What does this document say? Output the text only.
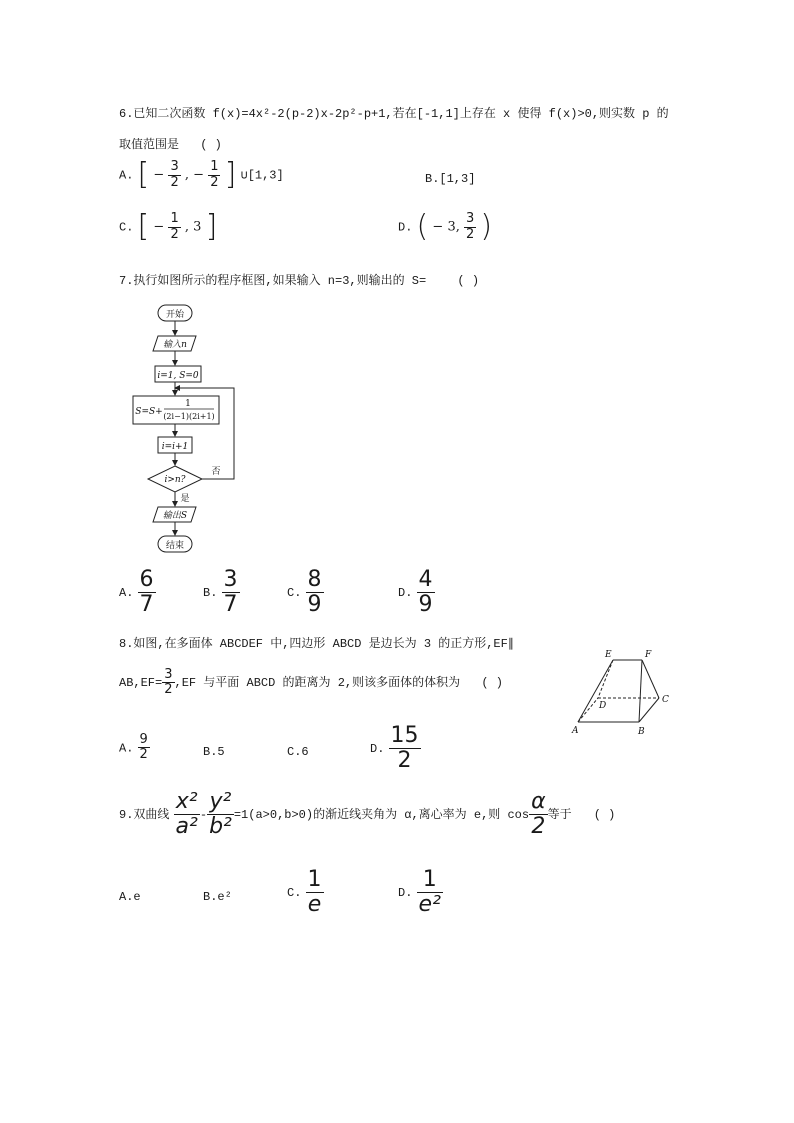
6.已知二次函数 f(x)=4x²-2(p-2)x-2p²-p+1,若在[-1,1]上存在 x 使得 f(x)>0,则实数 p 的
取值范围是 ( )
A. [ − $\frac{3}{2}$ , − $\frac{1}{2}$ ] ∪[1,3]	B.[1,3]
C. [ − $\frac{1}{2}$ , 3 ]	D. ( − 3, $\frac{3}{2}$ )
7.执行如图所示的程序框图,如果输入 n=3,则输出的 S=	( )
开始
输入n
i=1, S=0
S=S+
1
(2i−1)(2i+1)
i=i+1
i>n?
否
是
输出S
结束
A. $\frac{6}{7}$	B. $\frac{3}{7}$	C. $\frac{8}{9}$	D. $\frac{4}{9}$
8.如图,在多面体 ABCDEF 中,四边形 ABCD 是边长为 3 的正方形,EF∥
$AB,EF= \frac{3}{2} ,EF$ 与平面 ABCD 的距离为 2,则该多面体的体积为 ( )
E	F
D
C
A	B
A. $\frac{9}{2}$	B.5	C.6	D. $\frac{15}{2}$
9.双曲线 $\frac{\text{x²}}{\text{a²}} - \frac{\text{y²}}{\text{b²}} =1(a>0,b>0)$的渐近线夹角为 α,离心率为 e,则 $\cos \frac{\alpha}{2}$ 等于 ( )
A.e	B.e²	C. $\frac{1}{e}$	D. $\frac{1}{\text{e²}}$
